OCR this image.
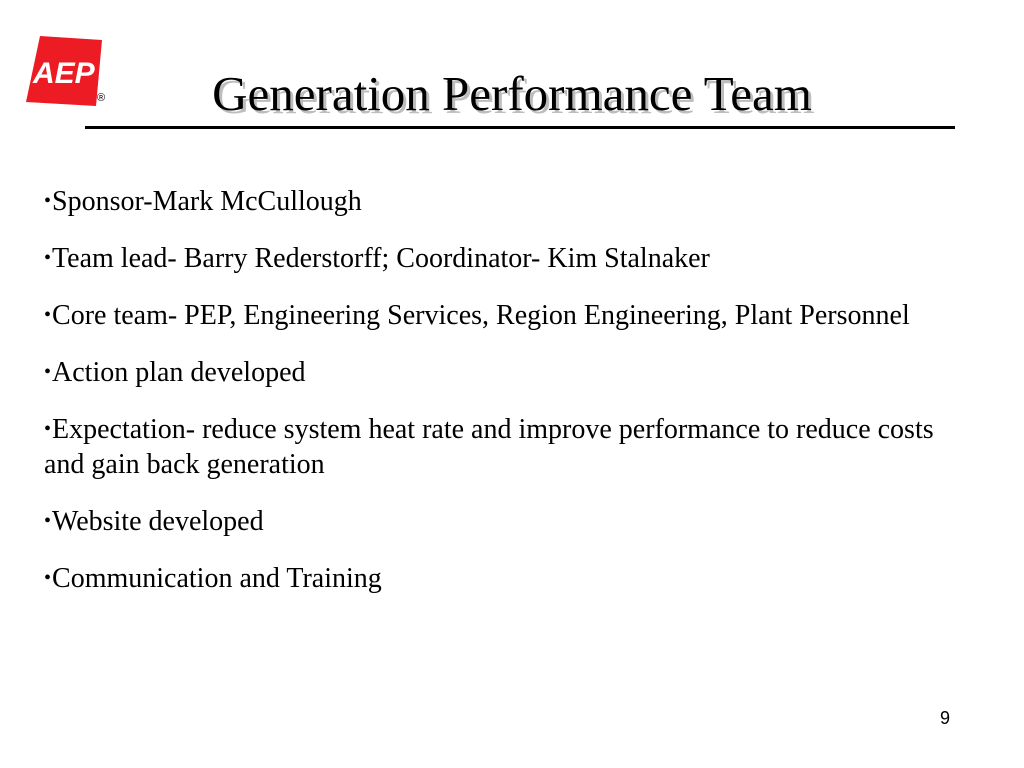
AEP
®	Generation Performance Team
•Sponsor-Mark McCullough
•Team lead- Barry Rederstorff; Coordinator- Kim Stalnaker
•Core team- PEP, Engineering Services, Region Engineering, Plant Personnel
•Action plan developed
•Expectation- reduce system heat rate and improve performance to reduce costs and gain back generation
•Website developed
•Communication and Training
9
